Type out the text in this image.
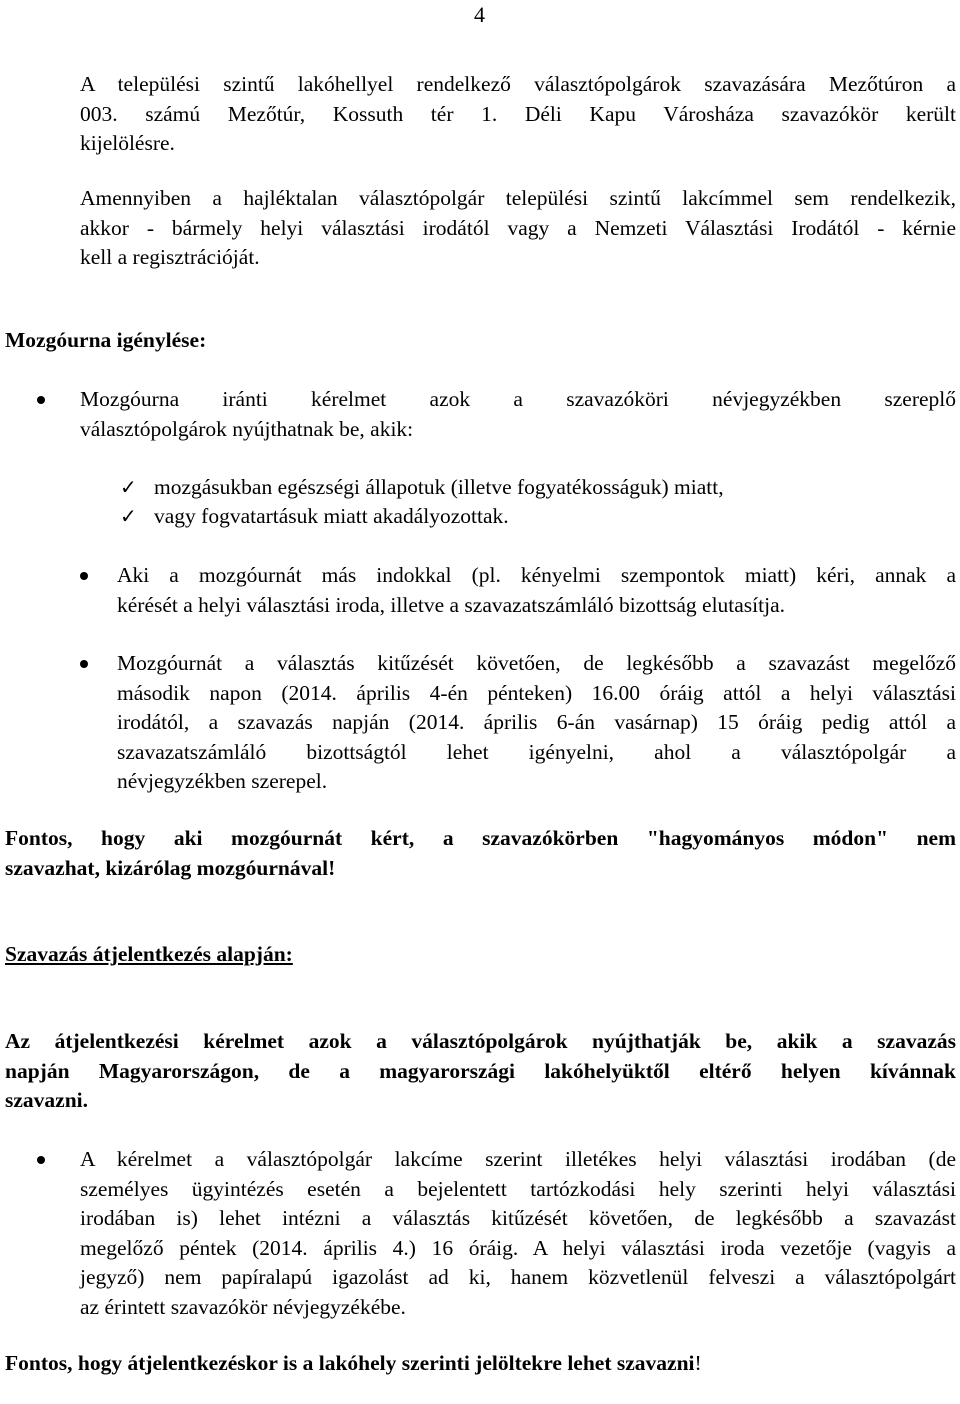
4
A települési szintű lakóhellyel rendelkező választópolgárok szavazására Mezőtúron a
003. számú Mezőtúr, Kossuth tér 1. Déli Kapu Városháza szavazókör került
kijelölésre.
Amennyiben a hajléktalan választópolgár települési szintű lakcímmel sem rendelkezik,
akkor - bármely helyi választási irodától vagy a Nemzeti Választási Irodától - kérnie
kell a regisztrációját.
Mozgóurna igénylése:
Mozgóurna iránti kérelmet azok a szavazóköri névjegyzékben szereplő
választópolgárok nyújthatnak be, akik:
✓ mozgásukban egészségi állapotuk (illetve fogyatékosságuk) miatt,
✓ vagy fogvatartásuk miatt akadályozottak.
Aki a mozgóurnát más indokkal (pl. kényelmi szempontok miatt) kéri, annak a
kérését a helyi választási iroda, illetve a szavazatszámláló bizottság elutasítja.
Mozgóurnát a választás kitűzését követően, de legkésőbb a szavazást megelőző
második napon (2014. április 4-én pénteken) 16.00 óráig attól a helyi választási
irodától, a szavazás napján (2014. április 6-án vasárnap) 15 óráig pedig attól a
szavazatszámláló bizottságtól lehet igényelni, ahol a választópolgár a
névjegyzékben szerepel.
Fontos, hogy aki mozgóurnát kért, a szavazókörben "hagyományos módon" nem
szavazhat, kizárólag mozgóurnával!
Szavazás átjelentkezés alapján:
Az átjelentkezési kérelmet azok a választópolgárok nyújthatják be, akik a szavazás
napján Magyarországon, de a magyarországi lakóhelyüktől eltérő helyen kívánnak
szavazni.
A kérelmet a választópolgár lakcíme szerint illetékes helyi választási irodában (de
személyes ügyintézés esetén a bejelentett tartózkodási hely szerinti helyi választási
irodában is) lehet intézni a választás kitűzését követően, de legkésőbb a szavazást
megelőző péntek (2014. április 4.) 16 óráig. A helyi választási iroda vezetője (vagyis a
jegyző) nem papíralapú igazolást ad ki, hanem közvetlenül felveszi a választópolgárt
az érintett szavazókör névjegyzékébe.
Fontos, hogy átjelentkezéskor is a lakóhely szerinti jelöltekre lehet szavazni!
